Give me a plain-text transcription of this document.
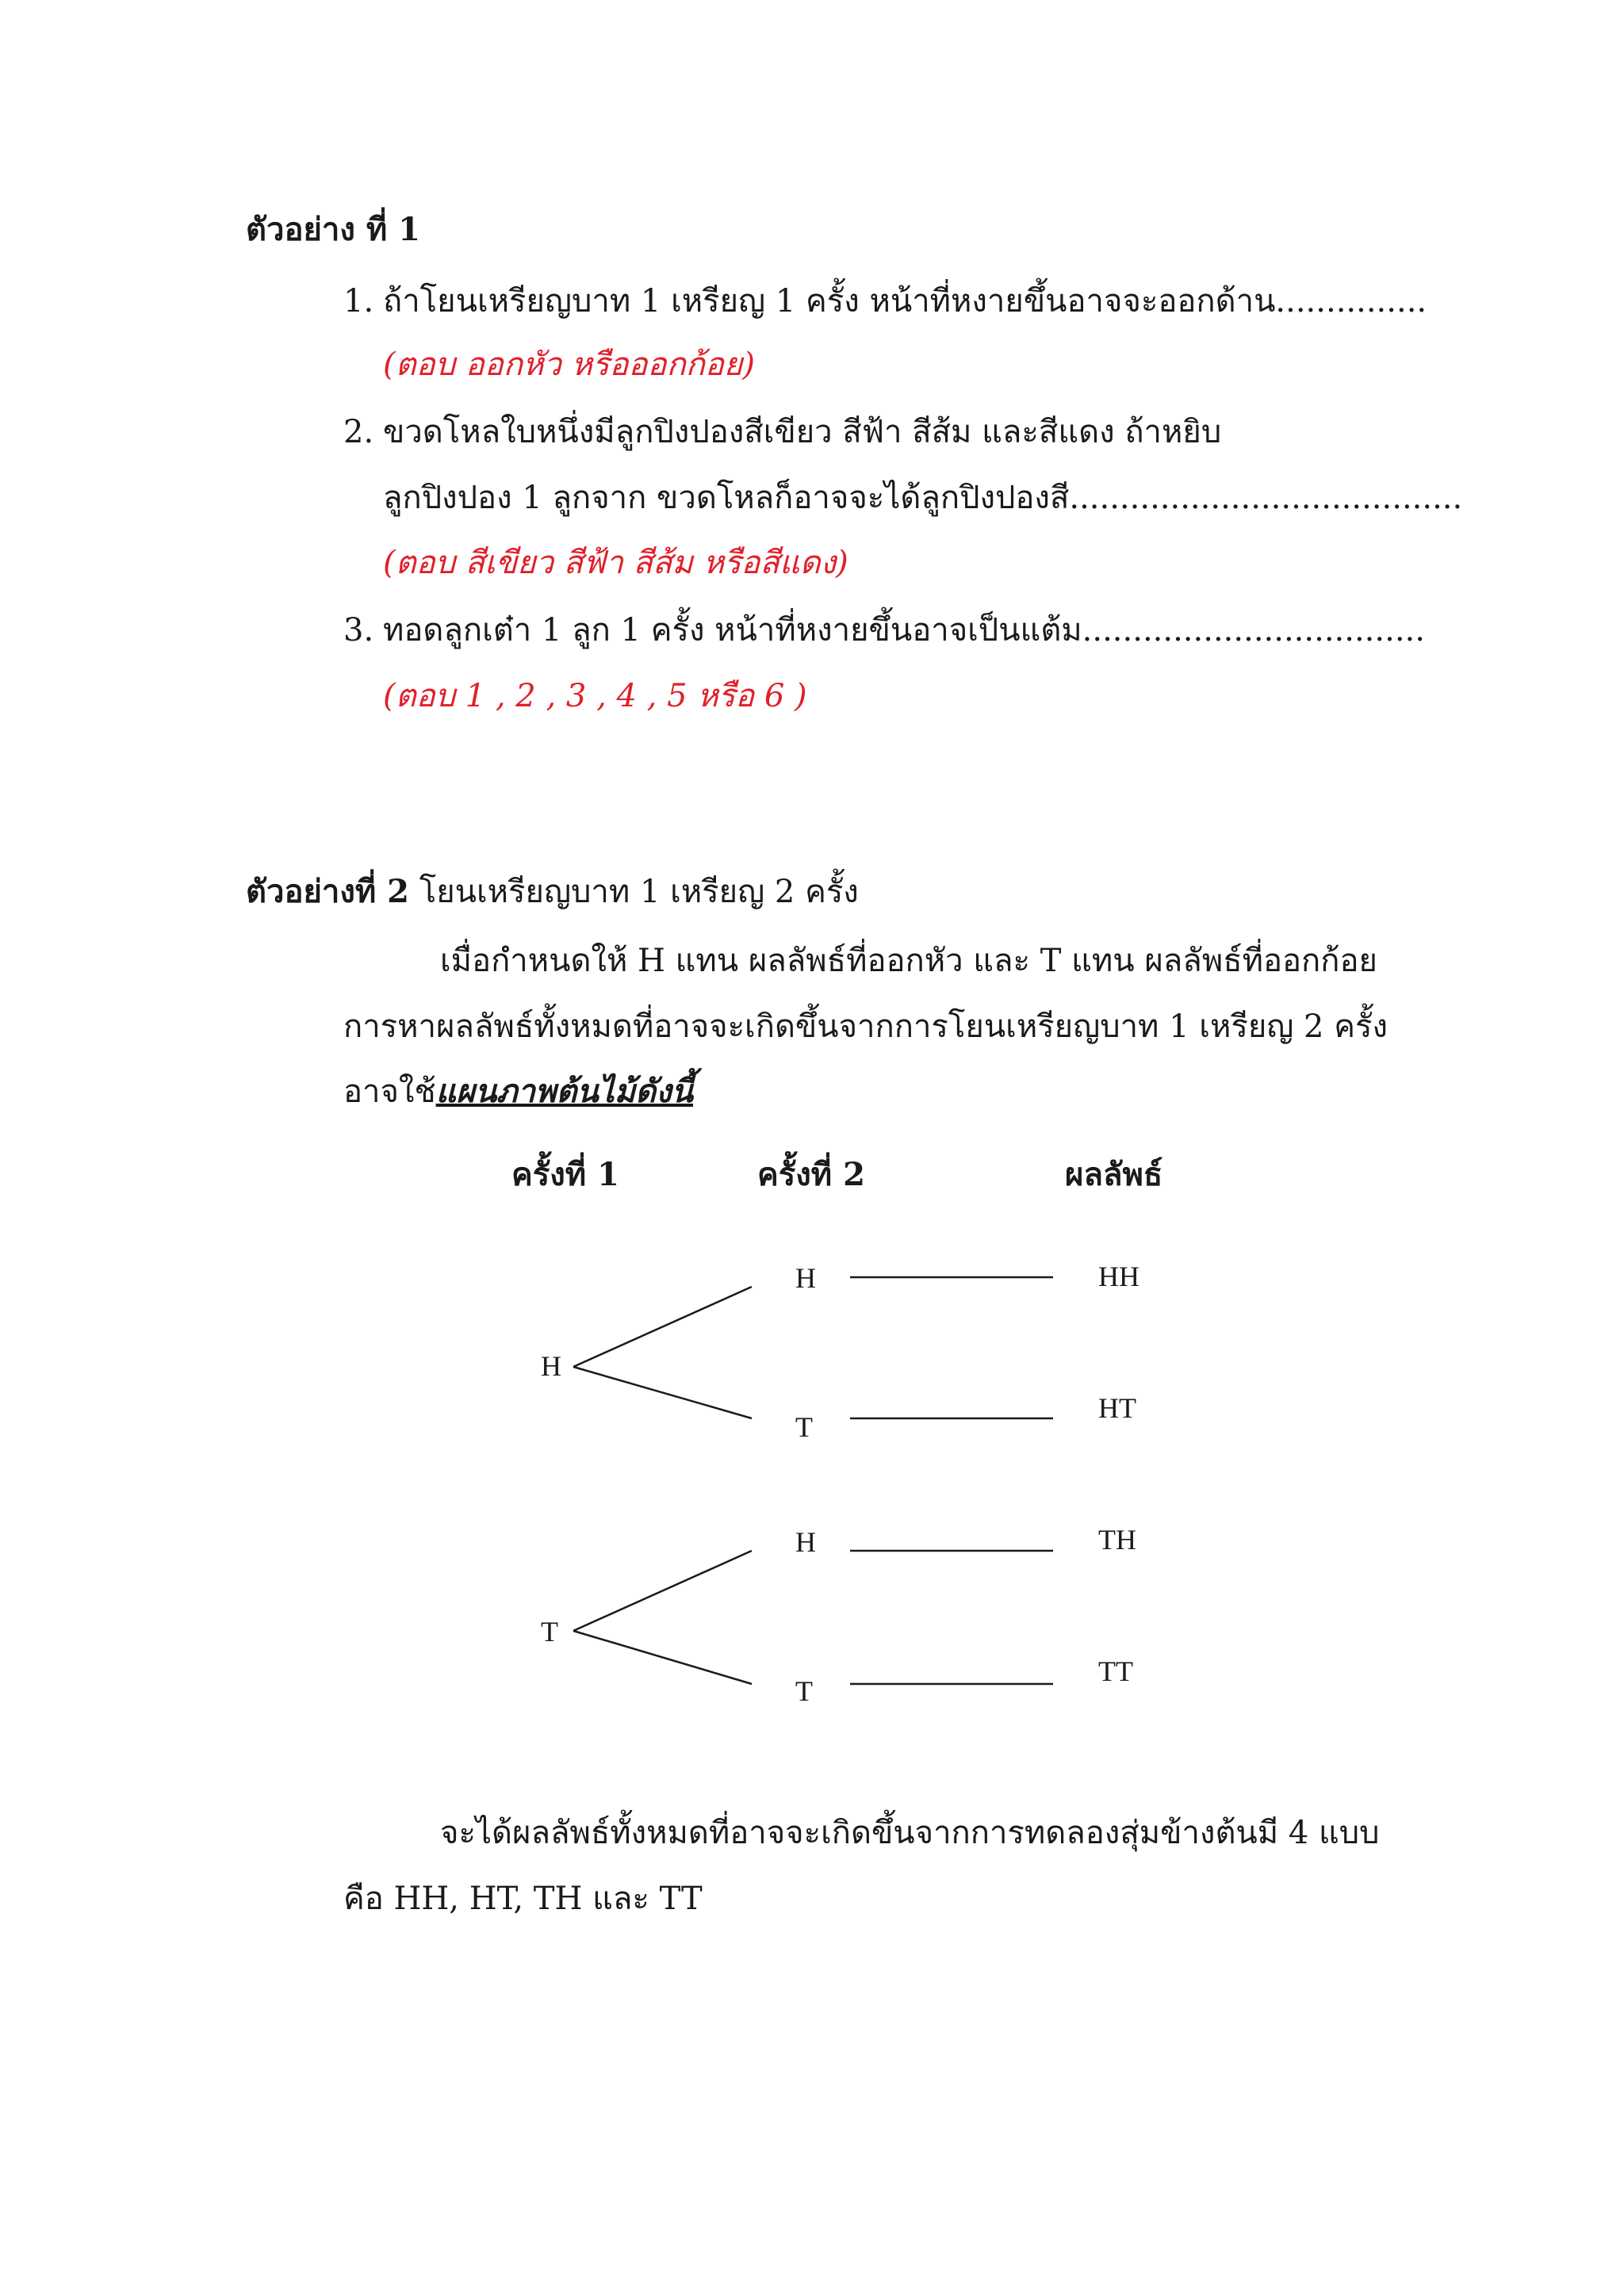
ตัวอย่าง ที่ 1
1. ถ้าโยนเหรียญบาท 1 เหรียญ 1 ครั้ง หน้าที่หงายขึ้นอาจจะออกด้าน...............
(ตอบ ออกหัว หรือออกก้อย)
2. ขวดโหลใบหนึ่งมีลูกปิงปองสีเขียว สีฟ้า สีส้ม และสีแดง ถ้าหยิบ
ลูกปิงปอง 1 ลูกจาก ขวดโหลก็อาจจะได้ลูกปิงปองสี.......................................
(ตอบ สีเขียว สีฟ้า สีส้ม หรือสีแดง)
3. ทอดลูกเต๋า 1 ลูก 1 ครั้ง หน้าที่หงายขึ้นอาจเป็นแต้ม..................................
(ตอบ 1 , 2 , 3 , 4 , 5 หรือ 6 )
ตัวอย่างที่ 2 โยนเหรียญบาท 1 เหรียญ 2 ครั้ง
เมื่อกำหนดให้ H แทน ผลลัพธ์ที่ออกหัว และ T แทน ผลลัพธ์ที่ออกก้อย
การหาผลลัพธ์ทั้งหมดที่อาจจะเกิดขึ้นจากการโยนเหรียญบาท 1 เหรียญ 2 ครั้ง
อาจใช้แผนภาพต้นไม้ดังนี้
ครั้งที่ 1	ครั้งที่ 2	ผลลัพธ์
H
T
H
T
H
T
HH
HT
TH
TT
จะได้ผลลัพธ์ทั้งหมดที่อาจจะเกิดขึ้นจากการทดลองสุ่มข้างต้นมี 4 แบบ
คือ HH, HT, TH และ TT
